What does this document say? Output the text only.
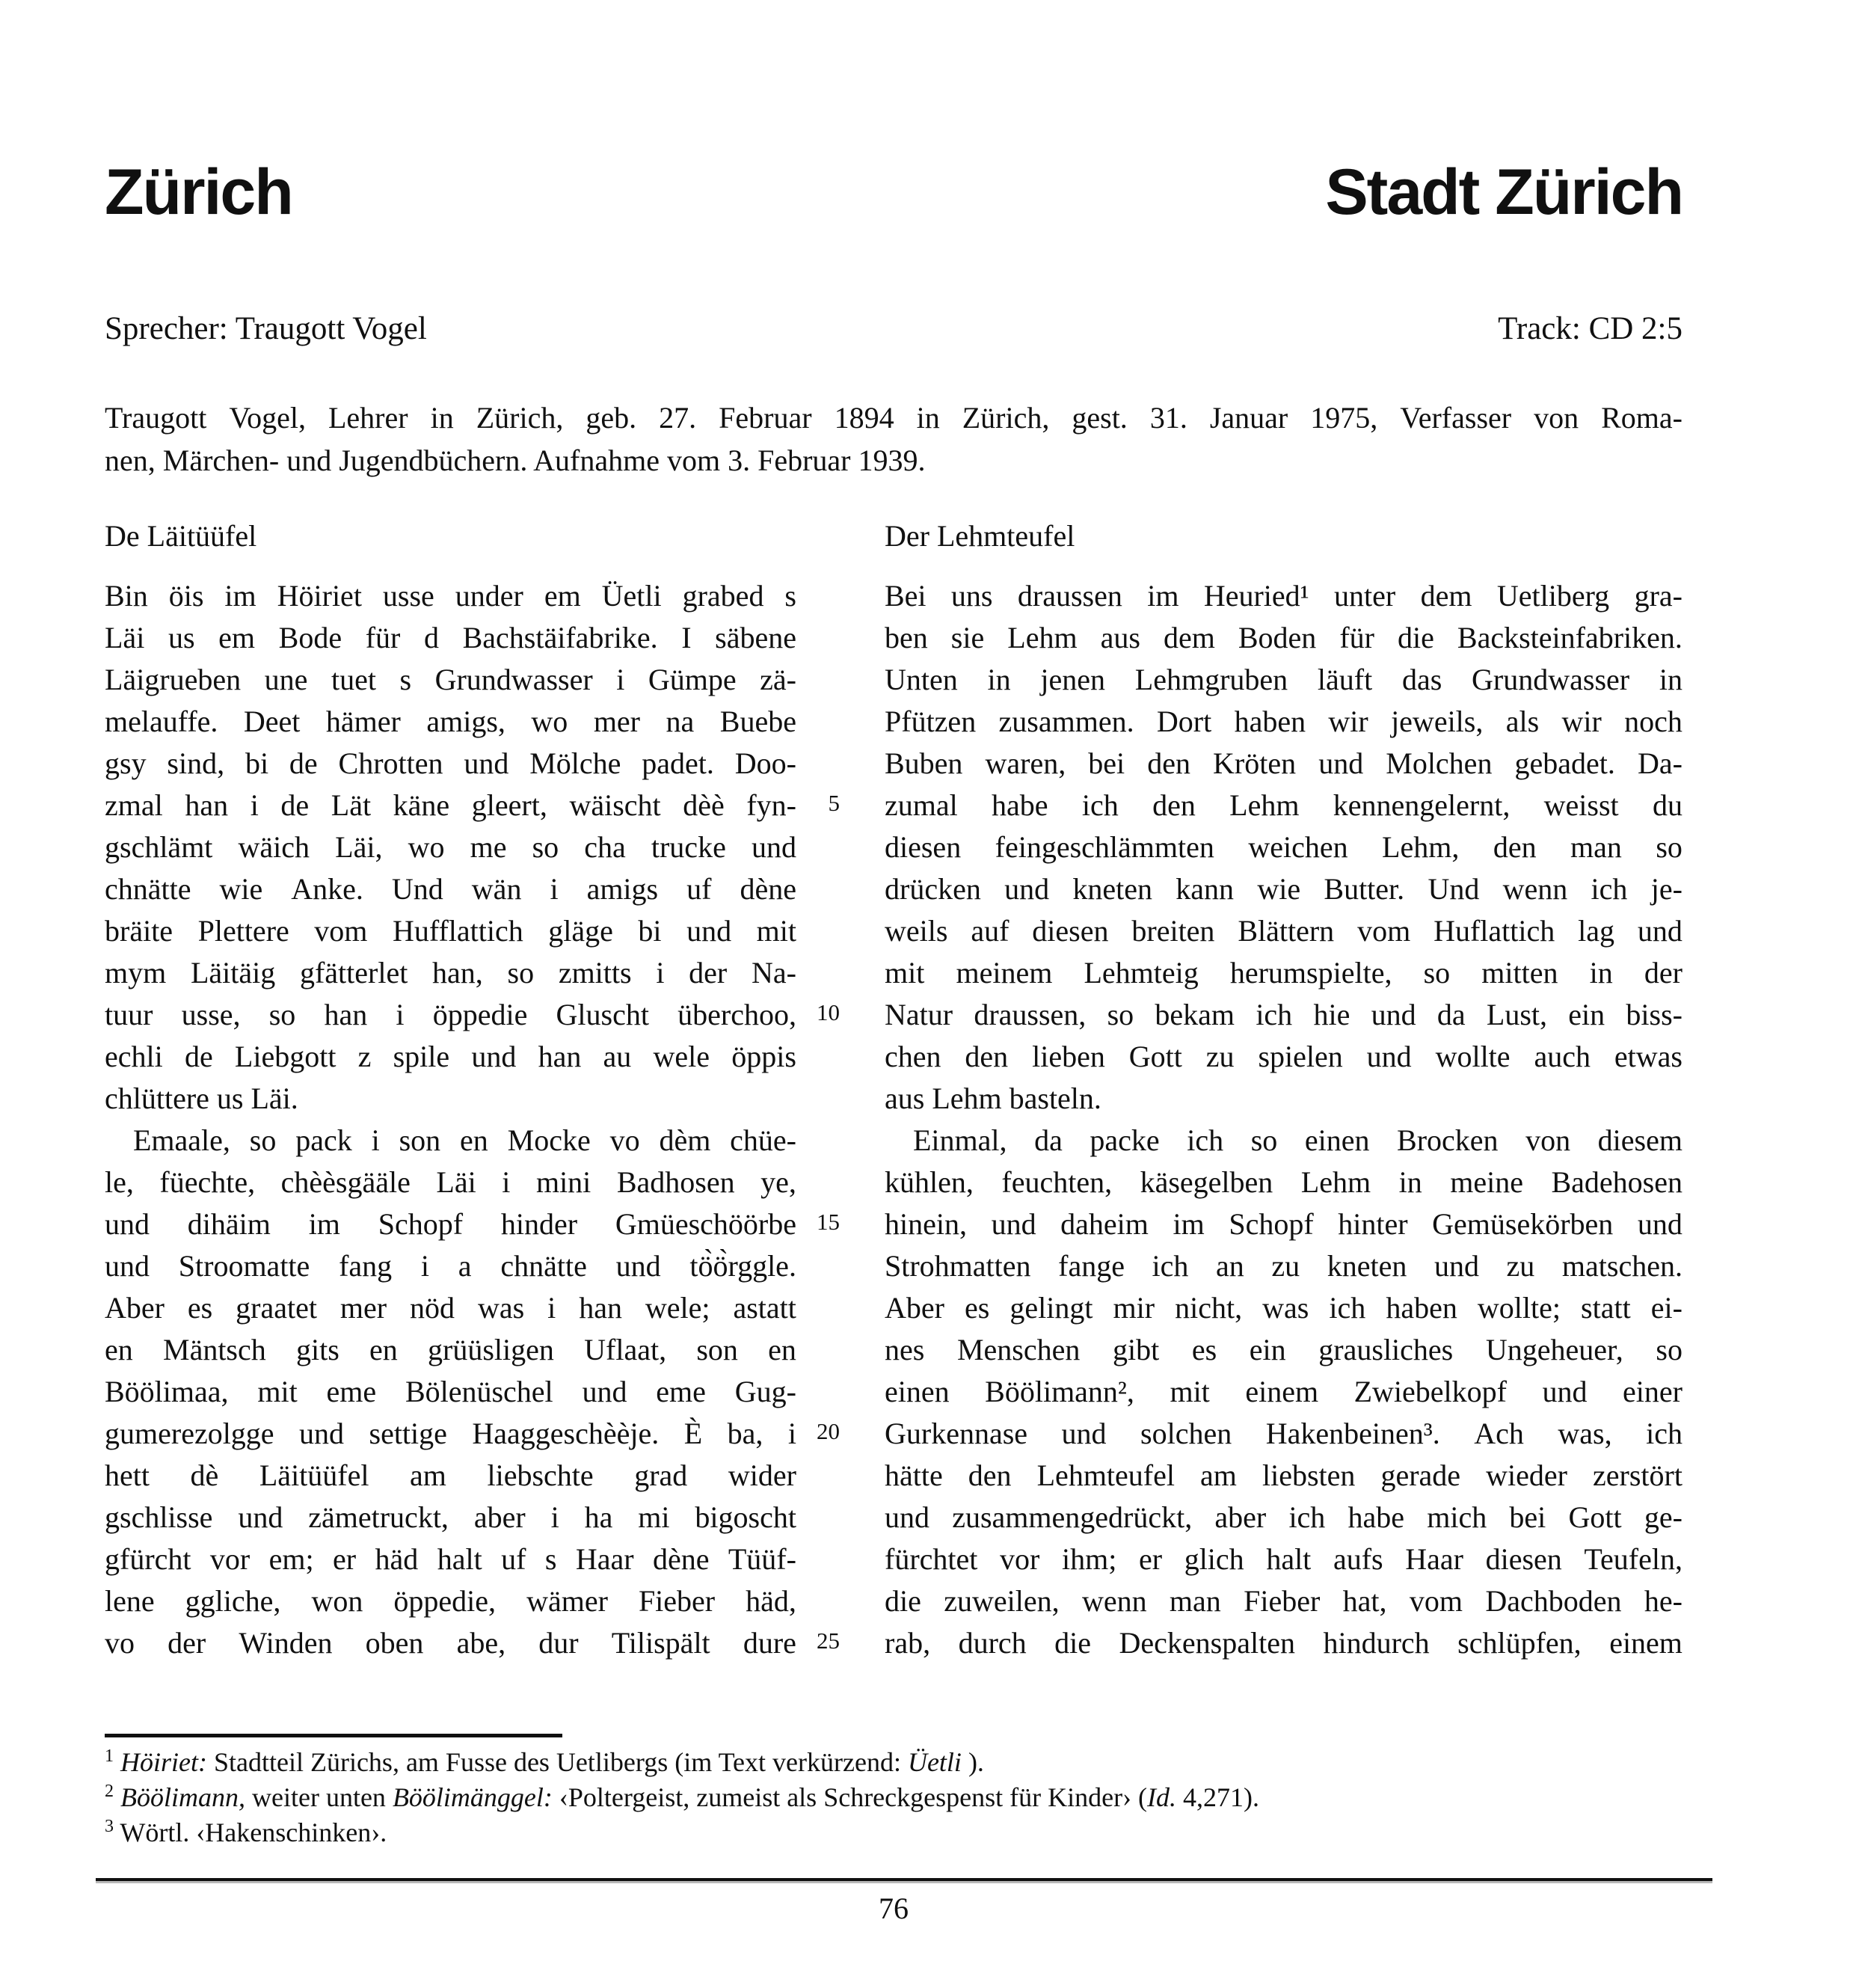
Zürich	Stadt Zürich
Sprecher: Traugott Vogel	Track: CD 2:5
Traugott Vogel, Lehrer in Zürich, geb. 27. Februar 1894 in Zürich, gest. 31. Januar 1975, Verfasser von Roma-
nen, Märchen- und Jugendbüchern. Aufnahme vom 3. Februar 1939.
De Läitüüfel
Bin öis im Höiriet usse under em Üetli grabed s
Läi us em Bode für d Bachstäifabrike. I säbene
Läigrueben une tuet s Grundwasser i Gümpe zä-
melauffe. Deet hämer amigs, wo mer na Buebe
gsy sind, bi de Chrotten und Mölche padet. Doo-
zmal han i de Lät käne gleert, wäischt dèè fyn-
gschlämt wäich Läi, wo me so cha trucke und
chnätte wie Anke. Und wän i amigs uf dène
bräite Plettere vom Hufflattich gläge bi und mit
mym Läitäig gfätterlet han, so zmitts i der Na-
tuur usse, so han i öppedie Gluscht überchoo,
echli de Liebgott z spile und han au wele öppis
chlüttere us Läi.
Emaale, so pack i son en Mocke vo dèm chüe-
le, füechte, chèèsgääle Läi i mini Badhosen ye,
und dihäim im Schopf hinder Gmüeschöörbe
und Stroomatte fang i a chnätte und tö̀ö̀rggle.
Aber es graatet mer nöd was i han wele; astatt
en Mäntsch gits en grüüsligen Uflaat, son en
Böölimaa, mit eme Bölenüschel und eme Gug-
gumerezolgge und settige Haaggeschèèje. È ba, i
hett dè Läitüüfel am liebschte grad wider
gschlisse und zämetruckt, aber i ha mi bigoscht
gfürcht vor em; er häd halt uf s Haar dène Tüüf-
lene ggliche, won öppedie, wämer Fieber häd,
vo der Winden oben abe, dur Tilispält dure
5
10
15
20
25
Der Lehmteufel
Bei uns draussen im Heuried¹ unter dem Uetliberg gra-
ben sie Lehm aus dem Boden für die Backsteinfabriken.
Unten in jenen Lehmgruben läuft das Grundwasser in
Pfützen zusammen. Dort haben wir jeweils, als wir noch
Buben waren, bei den Kröten und Molchen gebadet. Da-
zumal habe ich den Lehm kennengelernt, weisst du
diesen feingeschlämmten weichen Lehm, den man so
drücken und kneten kann wie Butter. Und wenn ich je-
weils auf diesen breiten Blättern vom Huflattich lag und
mit meinem Lehmteig herumspielte, so mitten in der
Natur draussen, so bekam ich hie und da Lust, ein biss-
chen den lieben Gott zu spielen und wollte auch etwas
aus Lehm basteln.
Einmal, da packe ich so einen Brocken von diesem
kühlen, feuchten, käsegelben Lehm in meine Badehosen
hinein, und daheim im Schopf hinter Gemüsekörben und
Strohmatten fange ich an zu kneten und zu matschen.
Aber es gelingt mir nicht, was ich haben wollte; statt ei-
nes Menschen gibt es ein grausliches Ungeheuer, so
einen Böölimann², mit einem Zwiebelkopf und einer
Gurkennase und solchen Hakenbeinen³. Ach was, ich
hätte den Lehmteufel am liebsten gerade wieder zerstört
und zusammengedrückt, aber ich habe mich bei Gott ge-
fürchtet vor ihm; er glich halt aufs Haar diesen Teufeln,
die zuweilen, wenn man Fieber hat, vom Dachboden he-
rab, durch die Deckenspalten hindurch schlüpfen, einem
$^1$ Höiriet: Stadtteil Zürichs, am Fusse des Uetlibergs (im Text verkürzend: Üetli ).
$^2$ Böölimann, weiter unten Böölimänggel: ‹Poltergeist, zumeist als Schreckgespenst für Kinder› (Id. 4,271).
$^3$ Wörtl. ‹Hakenschinken›.
76
